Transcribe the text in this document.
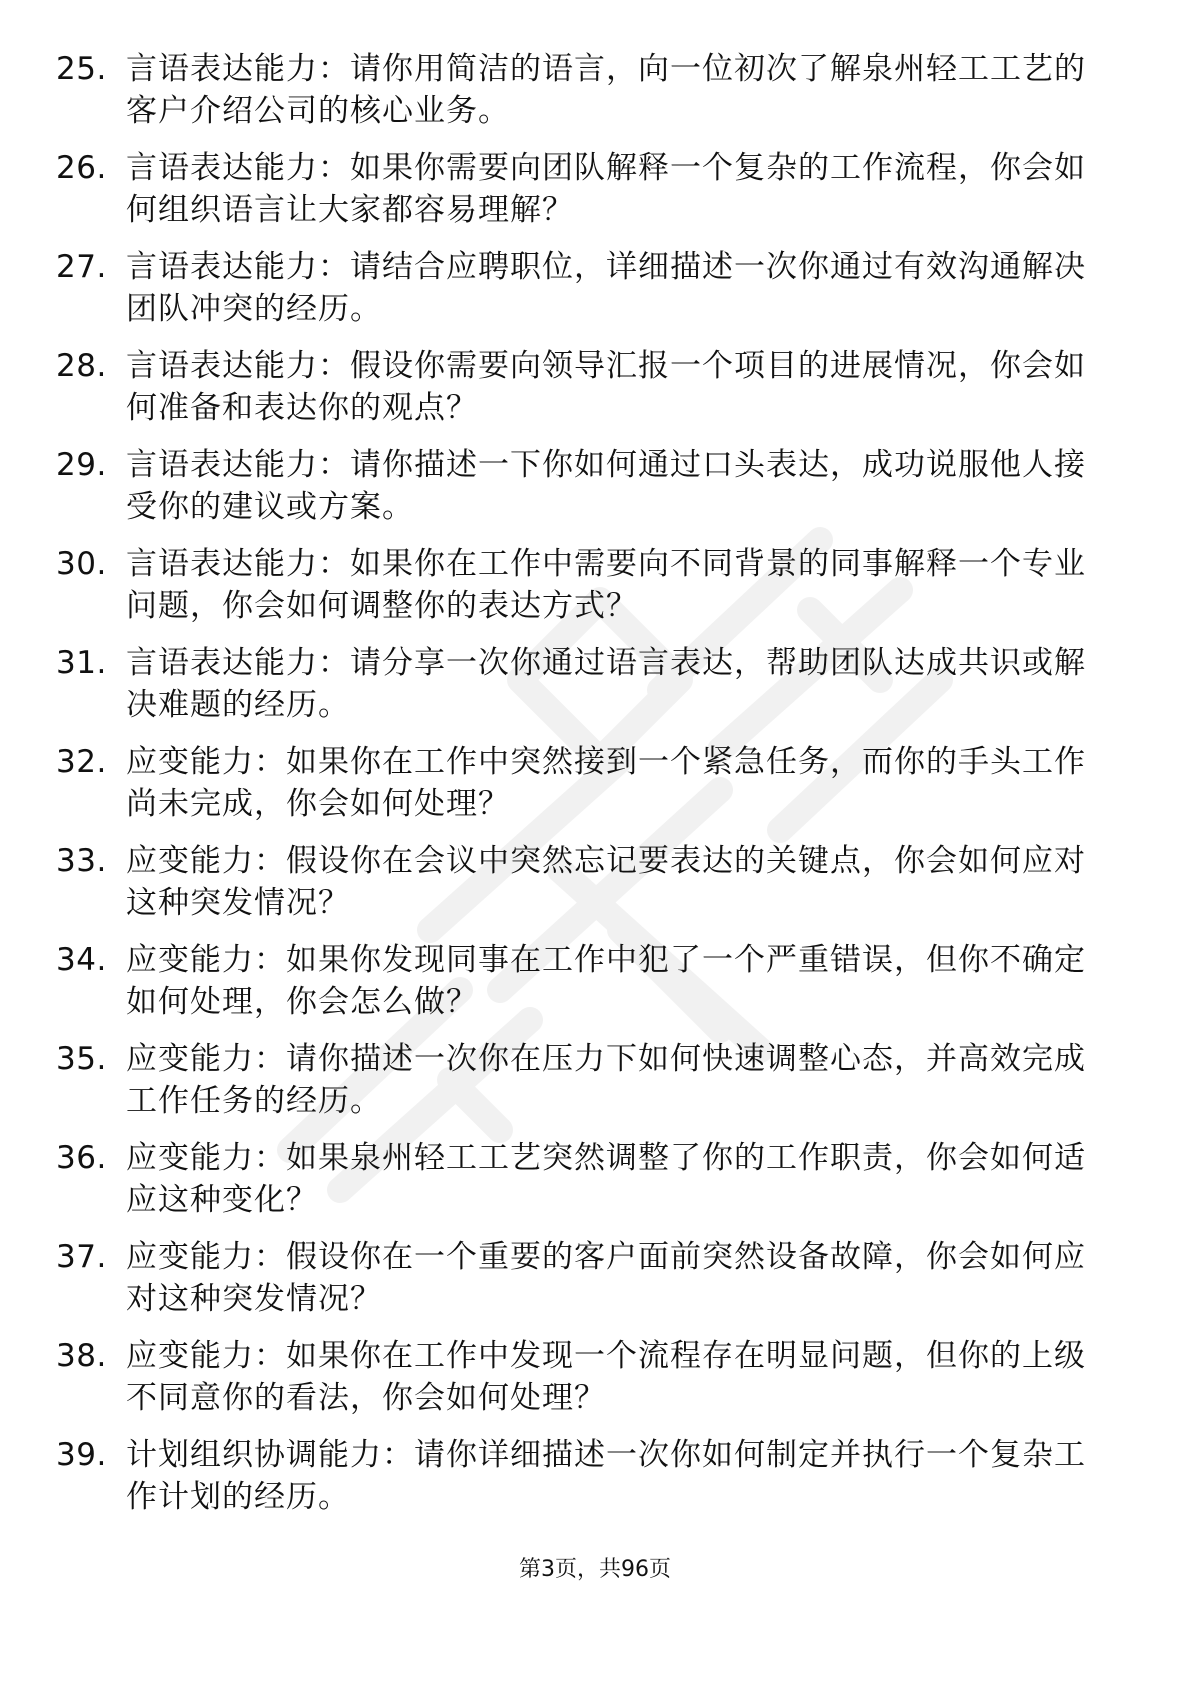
25. 言语表达能力：请你用简洁的语言，向一位初次了解泉州轻工工艺的客户介绍公司的核心业务。
26. 言语表达能力：如果你需要向团队解释一个复杂的工作流程，你会如何组织语言让大家都容易理解？
27. 言语表达能力：请结合应聘职位，详细描述一次你通过有效沟通解决团队冲突的经历。
28. 言语表达能力：假设你需要向领导汇报一个项目的进展情况，你会如何准备和表达你的观点？
29. 言语表达能力：请你描述一下你如何通过口头表达，成功说服他人接受你的建议或方案。
30. 言语表达能力：如果你在工作中需要向不同背景的同事解释一个专业问题，你会如何调整你的表达方式？
31. 言语表达能力：请分享一次你通过语言表达，帮助团队达成共识或解决难题的经历。
32. 应变能力：如果你在工作中突然接到一个紧急任务，而你的手头工作尚未完成，你会如何处理？
33. 应变能力：假设你在会议中突然忘记要表达的关键点，你会如何应对这种突发情况？
34. 应变能力：如果你发现同事在工作中犯了一个严重错误，但你不确定如何处理，你会怎么做？
35. 应变能力：请你描述一次你在压力下如何快速调整心态，并高效完成工作任务的经历。
36. 应变能力：如果泉州轻工工艺突然调整了你的工作职责，你会如何适应这种变化？
37. 应变能力：假设你在一个重要的客户面前突然设备故障，你会如何应对这种突发情况？
38. 应变能力：如果你在工作中发现一个流程存在明显问题，但你的上级不同意你的看法，你会如何处理？
39. 计划组织协调能力：请你详细描述一次你如何制定并执行一个复杂工作计划的经历。
第3页，共96页
